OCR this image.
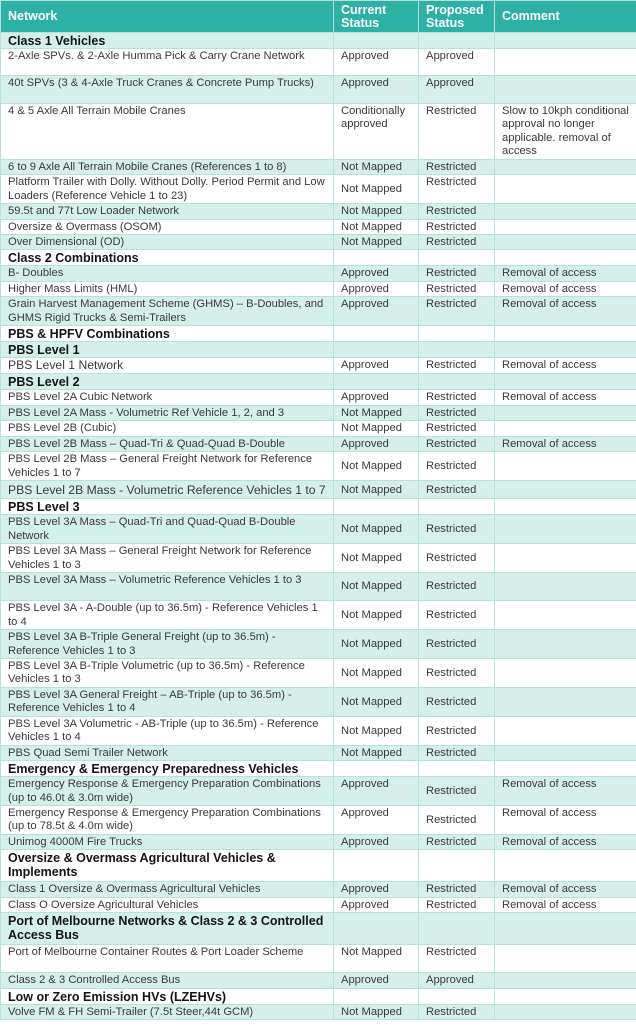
Network	Current Status	Proposed Status	Comment
Class 1 Vehicles			
2-Axle SPVs. & 2-Axle Humma Pick & Carry Crane Network	Approved	Approved	
40t SPVs (3 & 4-Axle Truck Cranes & Concrete Pump Trucks)	Approved	Approved	
4 & 5 Axle All Terrain Mobile Cranes	Conditionally approved	Restricted	Slow to 10kph conditional approval no longer applicable. removal of access
6 to 9 Axle All Terrain Mobile Cranes (References 1 to 8)	Not Mapped	Restricted	
Platform Trailer with Dolly. Without Dolly. Period Permit and Low Loaders (Reference Vehicle 1 to 23)	Not Mapped	Restricted	
59.5t and 77t Low Loader Network	Not Mapped	Restricted	
Oversize & Overmass (OSOM)	Not Mapped	Restricted	
Over Dimensional (OD)	Not Mapped	Restricted	
Class 2 Combinations			
B- Doubles	Approved	Restricted	Removal of access
Higher Mass Limits (HML)	Approved	Restricted	Removal of access
Grain Harvest Management Scheme (GHMS) – B-Doubles, and GHMS Rigid Trucks & Semi-Trailers	Approved	Restricted	Removal of access
PBS & HPFV Combinations			
PBS Level 1			
PBS Level 1 Network	Approved	Restricted	Removal of access
PBS Level 2			
PBS Level 2A Cubic Network	Approved	Restricted	Removal of access
PBS Level 2A Mass - Volumetric Ref Vehicle 1, 2, and 3	Not Mapped	Restricted	
PBS Level 2B (Cubic)	Not Mapped	Restricted	
PBS Level 2B Mass – Quad-Tri & Quad-Quad B-Double	Approved	Restricted	Removal of access
PBS Level 2B Mass – General Freight Network for Reference Vehicles 1 to 7	Not Mapped	Restricted	
PBS Level 2B Mass - Volumetric Reference Vehicles 1 to 7	Not Mapped	Restricted	
PBS Level 3			
PBS Level 3A Mass – Quad-Tri and Quad-Quad B-Double Network	Not Mapped	Restricted	
PBS Level 3A Mass – General Freight Network for Reference Vehicles 1 to 3	Not Mapped	Restricted	
PBS Level 3A Mass – Volumetric Reference Vehicles 1 to 3	Not Mapped	Restricted	
PBS Level 3A - A-Double (up to 36.5m) - Reference Vehicles 1 to 4	Not Mapped	Restricted	
PBS Level 3A B-Triple General Freight (up to 36.5m) - Reference Vehicles 1 to 3	Not Mapped	Restricted	
PBS Level 3A B-Triple Volumetric (up to 36.5m) - Reference Vehicles 1 to 3	Not Mapped	Restricted	
PBS Level 3A General Freight – AB-Triple (up to 36.5m) - Reference Vehicles 1 to 4	Not Mapped	Restricted	
PBS Level 3A Volumetric - AB-Triple (up to 36.5m) - Reference Vehicles 1 to 4	Not Mapped	Restricted	
PBS Quad Semi Trailer Network	Not Mapped	Restricted	
Emergency & Emergency Preparedness Vehicles			
Emergency Response & Emergency Preparation Combinations (up to 46.0t & 3.0m wide)	Approved	Restricted	Removal of access
Emergency Response & Emergency Preparation Combinations (up to 78.5t & 4.0m wide)	Approved	Restricted	Removal of access
Unimog 4000M Fire Trucks	Approved	Restricted	Removal of access
Oversize & Overmass Agricultural Vehicles & Implements			
Class 1 Oversize & Overmass Agricultural Vehicles	Approved	Restricted	Removal of access
Class O Oversize Agricultural Vehicles	Approved	Restricted	Removal of access
Port of Melbourne Networks & Class 2 & 3 Controlled Access Bus			
Port of Melbourne Container Routes & Port Loader Scheme	Not Mapped	Restricted	
Class 2 & 3 Controlled Access Bus	Approved	Approved	
Low or Zero Emission HVs (LZEHVs)			
Volve FM & FH Semi-Trailer (7.5t Steer,44t GCM)	Not Mapped	Restricted	
